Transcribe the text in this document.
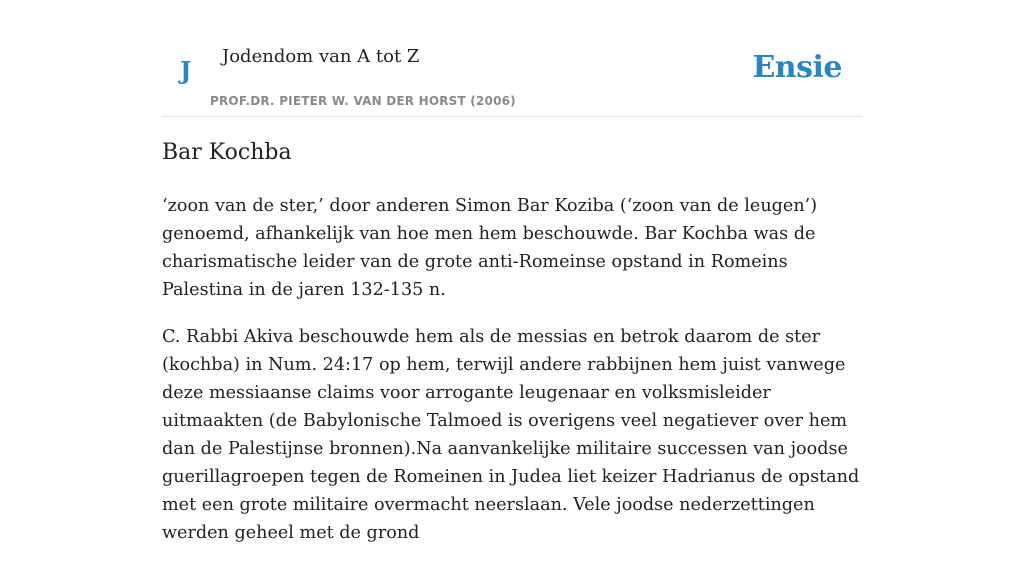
J Jodendom van A tot Z
PROF.DR. PIETER W. VAN DER HORST (2006)
Ensie
Bar Kochba

‘zoon van de ster,’ door anderen Simon Bar Koziba (‘zoon van de leugen’) genoemd, afhankelijk van hoe men hem beschouwde. Bar Kochba was de charismatische leider van de grote anti-Romeinse opstand in Romeins Palestina in de jaren 132-135 n.

C. Rabbi Akiva beschouwde hem als de messias en betrok daarom de ster (kochba) in Num. 24:17 op hem, terwijl andere rabbijnen hem juist vanwege deze messiaanse claims voor arrogante leugenaar en volksmisleider uitmaakten (de Babylonische Talmoed is overigens veel negatiever over hem dan de Palestijnse bronnen).Na aanvankelijke militaire successen van joodse guerillagroepen tegen de Romeinen in Judea liet keizer Hadrianus de opstand met een grote militaire overmacht neerslaan. Vele joodse nederzettingen werden geheel met de grond
